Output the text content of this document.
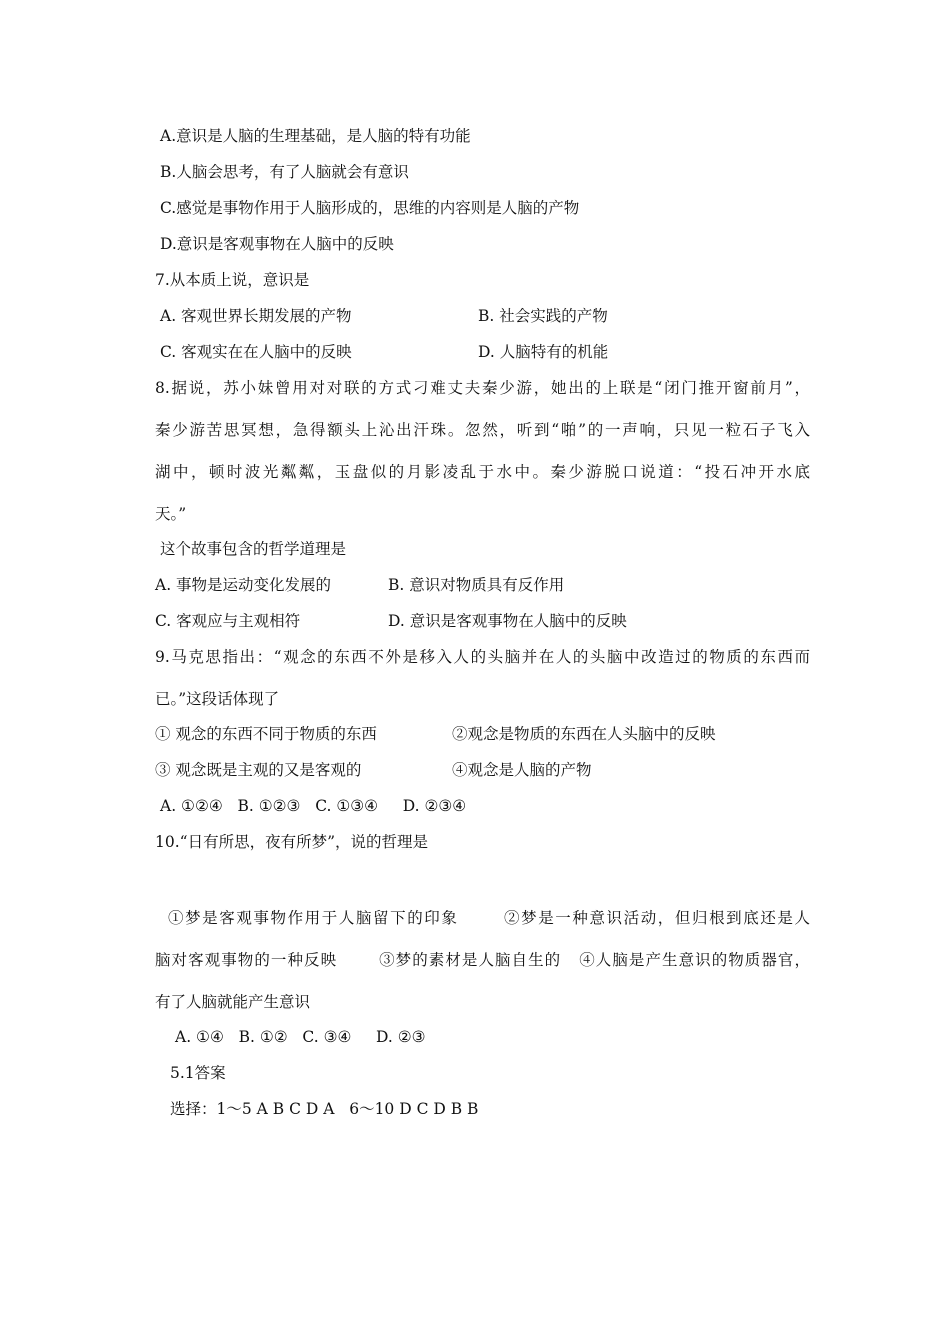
A.意识是人脑的生理基础，是人脑的特有功能
B.人脑会思考，有了人脑就会有意识
C.感觉是事物作用于人脑形成的，思维的内容则是人脑的产物
D.意识是客观事物在人脑中的反映
7.从本质上说，意识是
A. 客观世界长期发展的产物	B. 社会实践的产物
C. 客观实在在人脑中的反映	D. 人脑特有的机能
8.据说，苏小妹曾用对对联的方式刁难丈夫秦少游，她出的上联是“闭门推开窗前月”，
秦少游苦思冥想，急得额头上沁出汗珠。忽然，听到“啪”的一声响，只见一粒石子飞入
湖中，顿时波光粼粼，玉盘似的月影凌乱于水中。秦少游脱口说道：“投石冲开水底
天。”
这个故事包含的哲学道理是
A. 事物是运动变化发展的	B. 意识对物质具有反作用
C. 客观应与主观相符	D. 意识是客观事物在人脑中的反映
9.马克思指出：“观念的东西不外是移入人的头脑并在人的头脑中改造过的物质的东西而
已。”这段话体现了
① 观念的东西不同于物质的东西	②观念是物质的东西在人头脑中的反映
③ 观念既是主观的又是客观的	④观念是人脑的产物
A. ①②④   B. ①②③   C. ①③④     D. ②③④
10.“日有所思，夜有所梦”，说的哲理是
①梦是客观事物作用于人脑留下的印象       ②梦是一种意识活动，但归根到底还是人
脑对客观事物的一种反映       ③梦的素材是人脑自生的   ④人脑是产生意识的物质器官，
有了人脑就能产生意识
A. ①④   B. ①②   C. ③④     D. ②③
5.1答案
选择：1～5 A B C D A   6～10 D C D B B
